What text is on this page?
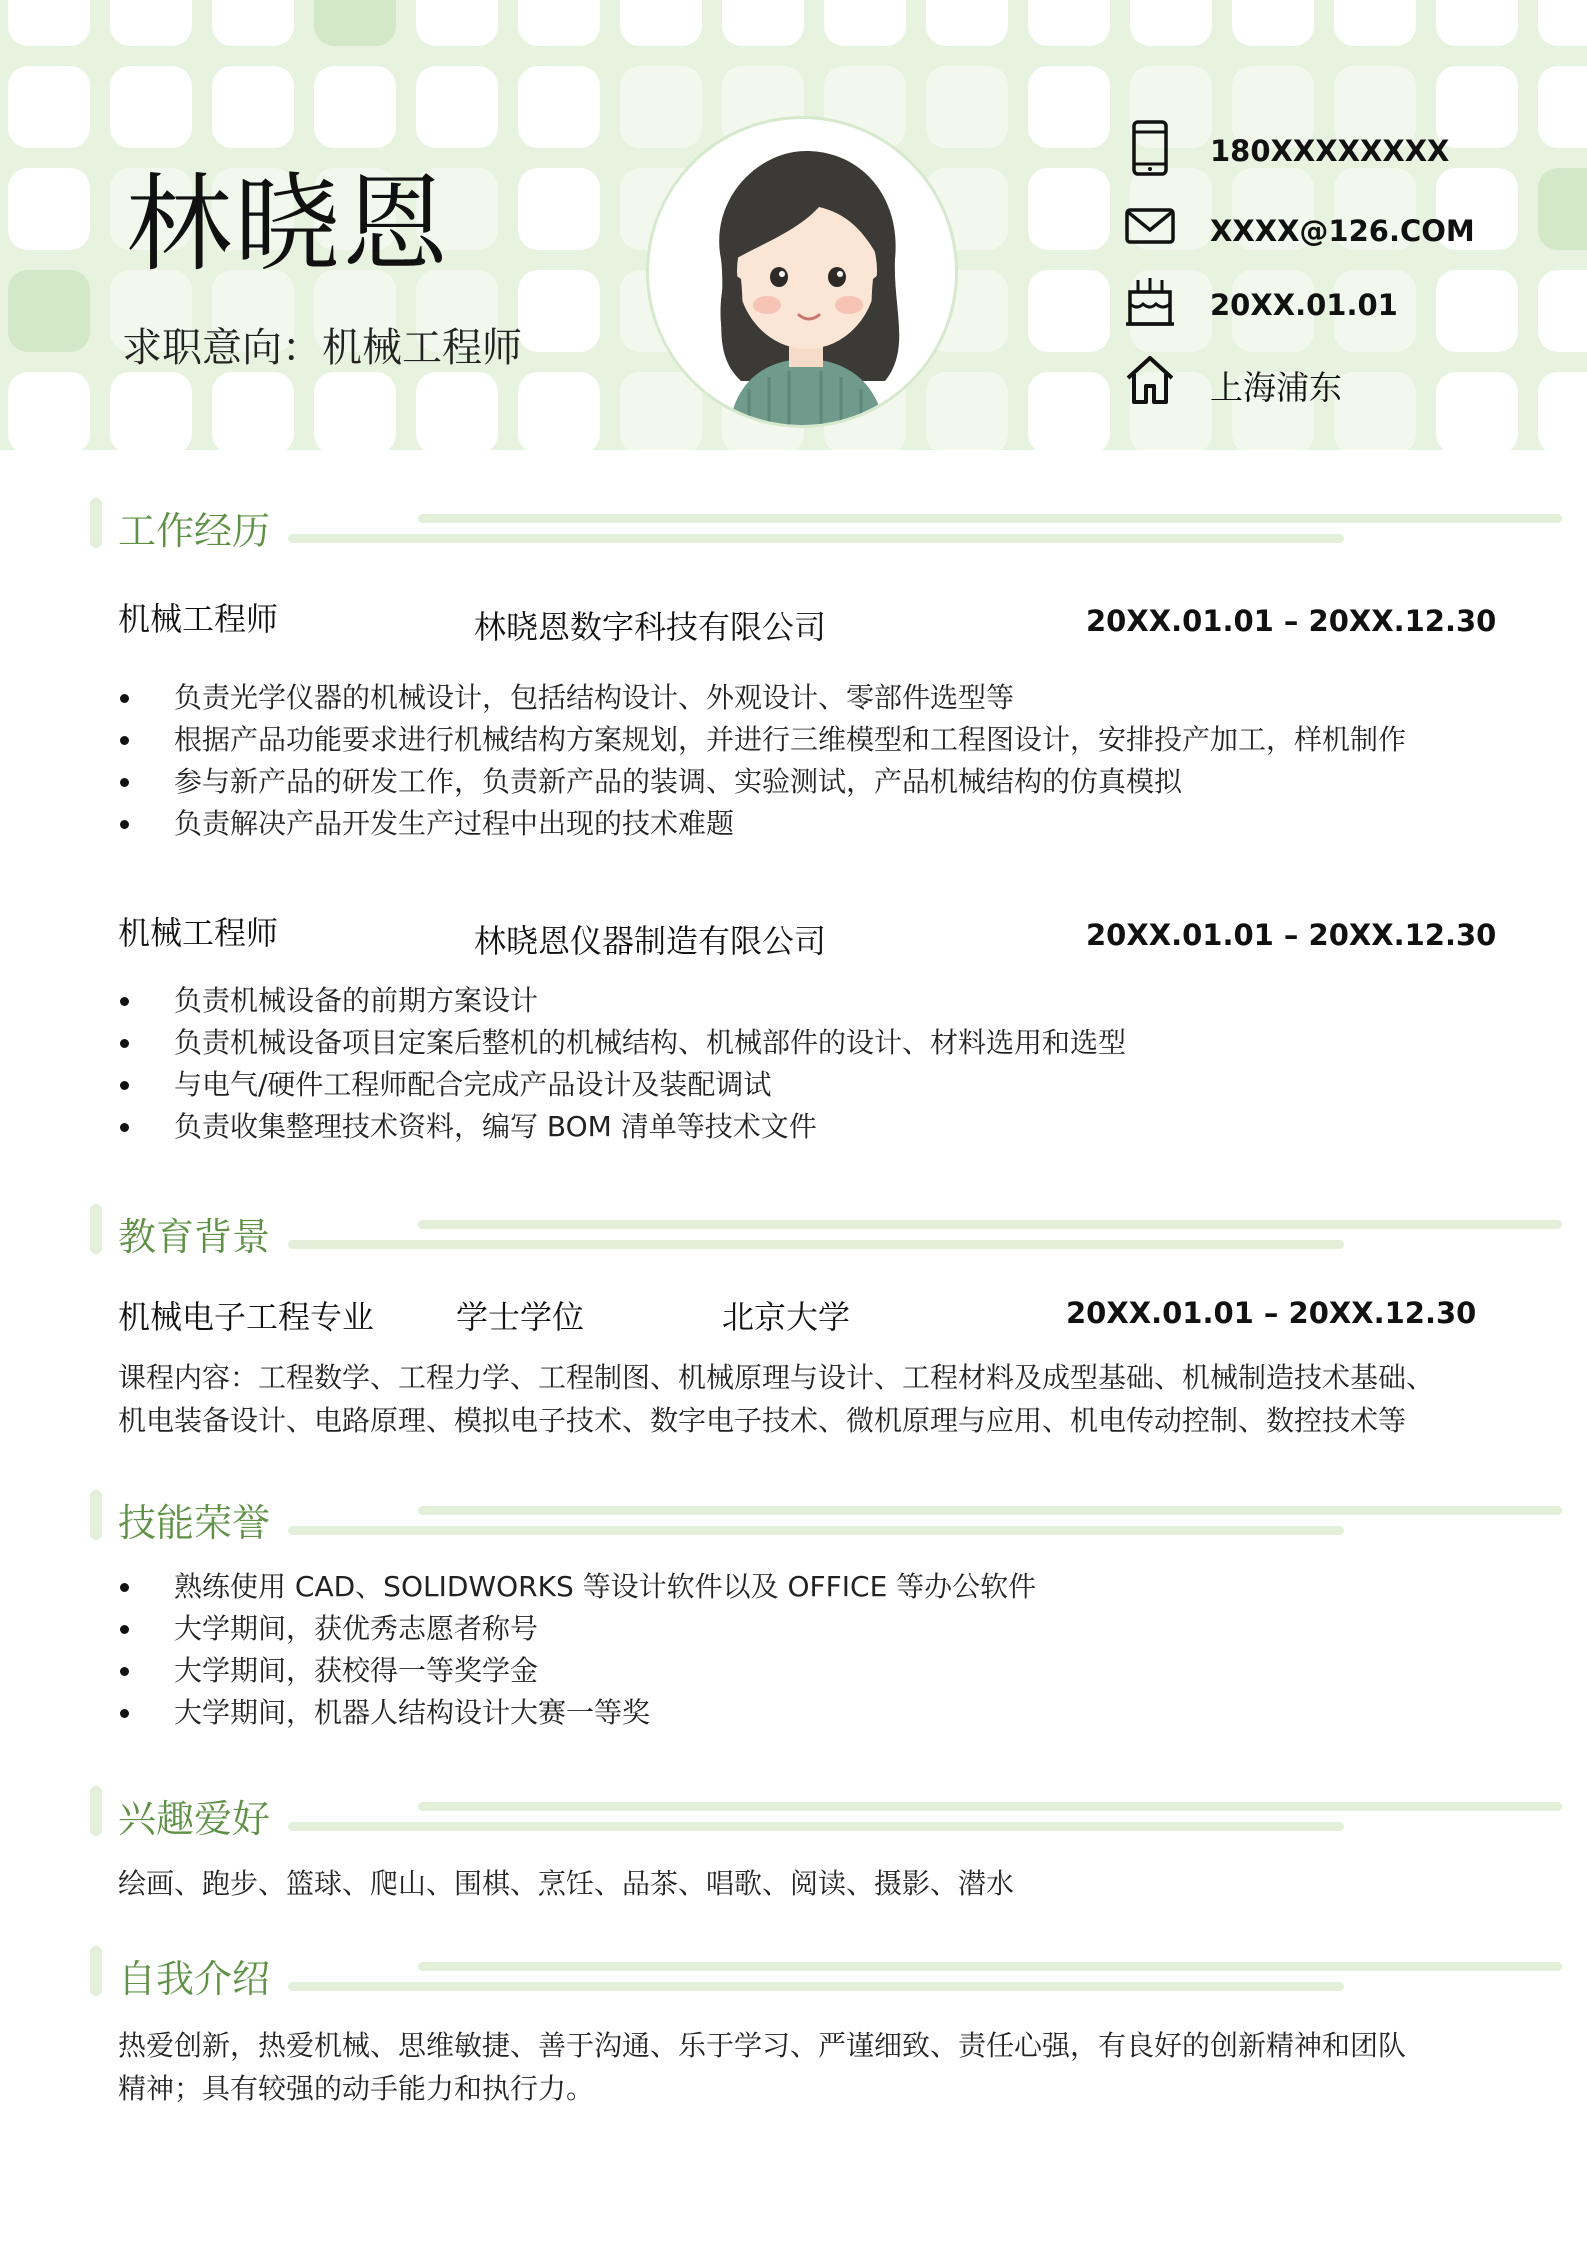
林晓恩
求职意向：机械工程师
180XXXXXXXX
XXXX@126.COM
20XX.01.01
上海浦东
工作经历
机械工程师	林晓恩数字科技有限公司	20XX.01.01 – 20XX.12.30
负责光学仪器的机械设计，包括结构设计、外观设计、零部件选型等
根据产品功能要求进行机械结构方案规划，并进行三维模型和工程图设计，安排投产加工，样机制作
参与新产品的研发工作，负责新产品的装调、实验测试，产品机械结构的仿真模拟
负责解决产品开发生产过程中出现的技术难题
机械工程师	林晓恩仪器制造有限公司	20XX.01.01 – 20XX.12.30
负责机械设备的前期方案设计
负责机械设备项目定案后整机的机械结构、机械部件的设计、材料选用和选型
与电气/硬件工程师配合完成产品设计及装配调试
负责收集整理技术资料，编写 BOM 清单等技术文件
教育背景
机械电子工程专业	学士学位	北京大学	20XX.01.01 – 20XX.12.30
课程内容：工程数学、工程力学、工程制图、机械原理与设计、工程材料及成型基础、机械制造技术基础、
机电装备设计、电路原理、模拟电子技术、数字电子技术、微机原理与应用、机电传动控制、数控技术等
技能荣誉
熟练使用 CAD、SOLIDWORKS 等设计软件以及 OFFICE 等办公软件
大学期间，获优秀志愿者称号
大学期间，获校得一等奖学金
大学期间，机器人结构设计大赛一等奖
兴趣爱好
绘画、跑步、篮球、爬山、围棋、烹饪、品茶、唱歌、阅读、摄影、潜水
自我介绍
热爱创新，热爱机械、思维敏捷、善于沟通、乐于学习、严谨细致、责任心强，有良好的创新精神和团队
精神；具有较强的动手能力和执行力。
